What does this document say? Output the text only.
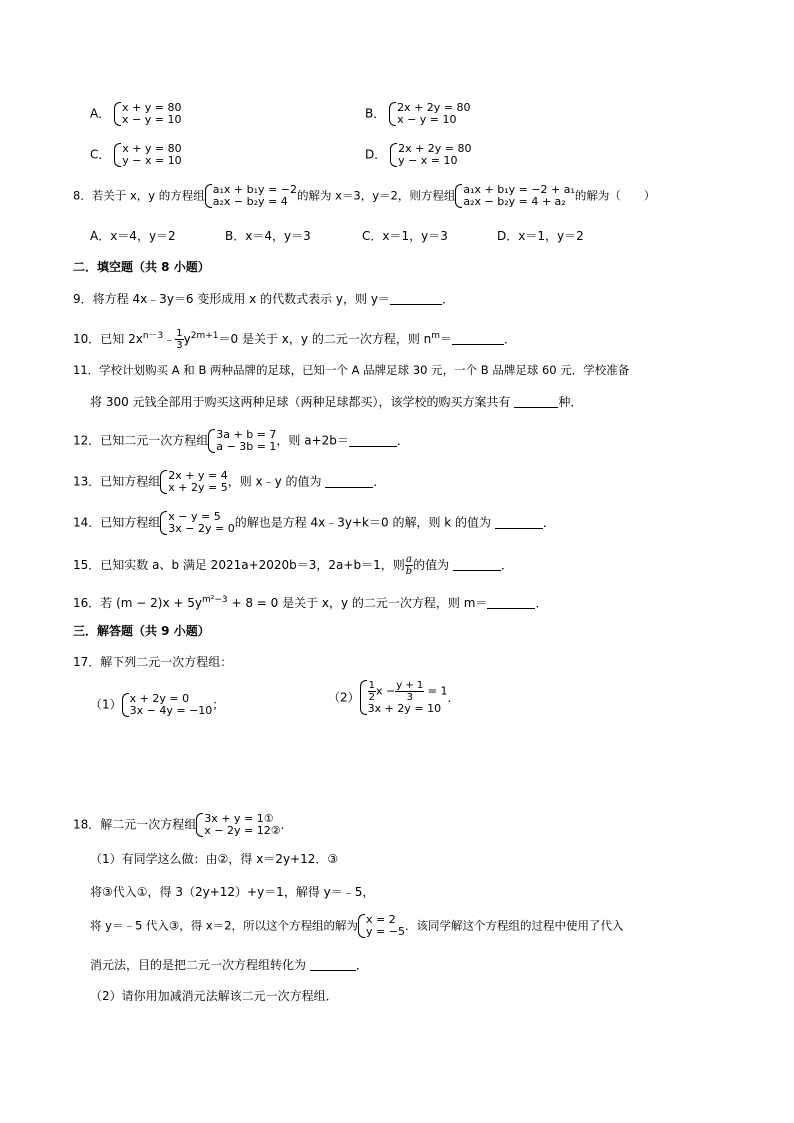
A． x + y = 80
x − y = 10	B． 2x + 2y = 80
x − y = 10
C． x + y = 80
y − x = 10	D． 2x + 2y = 80
y − x = 10
8．若关于 x，y 的方程组 a₁x + b₁y = −2
a₂x − b₂y = 4 的解为 x＝3，y＝2，则方程组 a₁x + b₁y = −2 + a₁
a₂x − b₂y = 4 + a₂ 的解为（　　）
A．x＝4，y＝2	B．x＝4，y＝3	C．x＝1，y＝3	D．x＝1，y＝2
二．填空题（共 8 小题）
9．将方程 4x﹣3y＝6 变形成用 x 的代数式表示 y，则 y＝	．
10．已知 $2x^{n-3}﹣ \frac{1}{3} y^{2m+1}=0$ 是关于 x，y 的二元一次方程，则 $n^m=$	．
11．学校计划购买 A 和 B 两种品牌的足球，已知一个 A 品牌足球 30 元，一个 B 品牌足球 60 元．学校准备
将 300 元钱全部用于购买这两种足球（两种足球都买），该学校的购买方案共有	种．
12．已知二元一次方程组 3a + b = 7
a − 3b = 1 ，则 a+2b＝	．
13．已知方程组 2x + y = 4
x + 2y = 5 ，则 x﹣y 的值为	．
14．已知方程组 x − y = 5
3x − 2y = 0 的解也是方程 4x﹣3y+k＝0 的解，则 k 的值为	．
15．已知实数 a、b 满足 2021a+2020b＝3，2a+b＝1，则 $\frac{a}{b}$ 的值为	．
16．若 $(m - 2)x + 5y^{m^2-3} + 8 = 0$ 是关于 x，y 的二元一次方程，则 m＝	．
三．解答题（共 9 小题）
17．解下列二元一次方程组：
（1） x + 2y = 0
3x − 4y = −10 ；	$(2) \frac{1}{2}$ $x - \frac{y + 1}{3} = 1$
3x + 2y = 10
．
18．解二元一次方程组 3x + y = 1①
x − 2y = 12② ．
（1）有同学这么做：由②，得 x＝2y+12．③
将③代入①，得 3（2y+12）+y＝1，解得 y＝﹣5，
将 y＝﹣5 代入③，得 x＝2，所以这个方程组的解为 x = 2
y = −5 ．该同学解这个方程组的过程中使用了代入
消元法，目的是把二元一次方程组转化为	．
（2）请你用加减消元法解该二元一次方程组．
